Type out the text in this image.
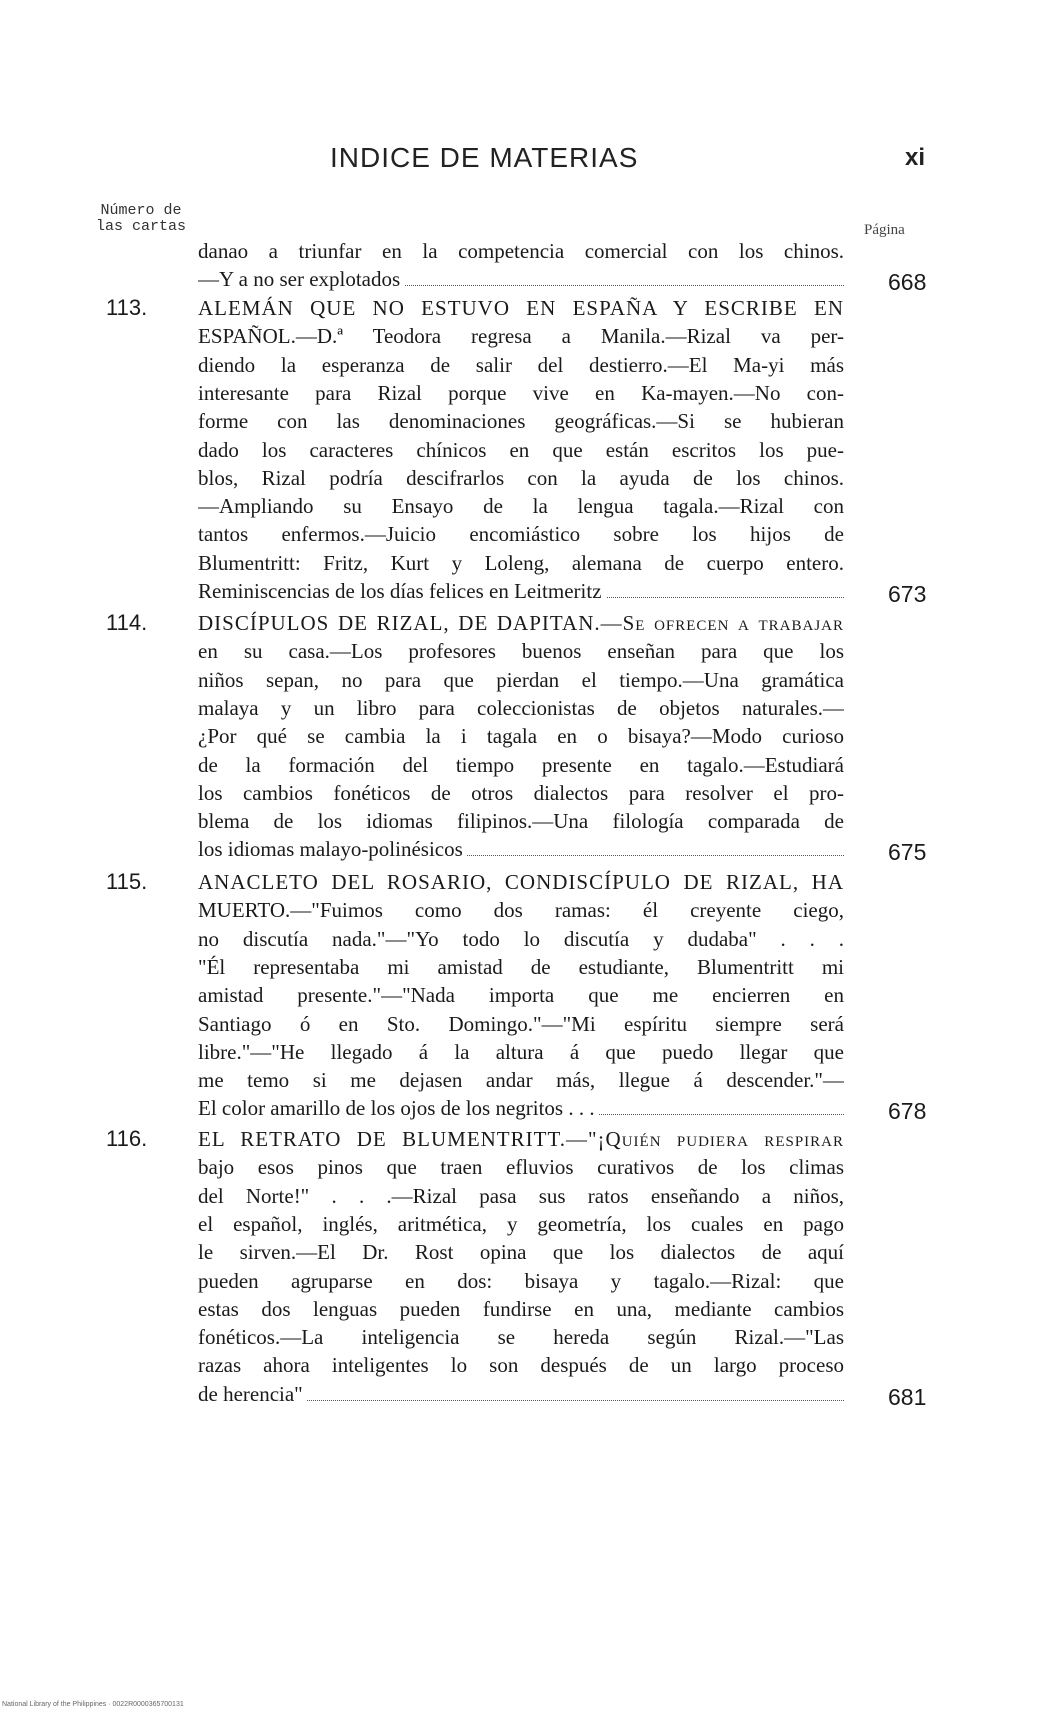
INDICE DE MATERIAS	xi
Número de las cartas	Página
danao a triunfar en la competencia comercial con los chinos.
—Y a no ser explotados	668
113.	ALEMÁN QUE NO ESTUVO EN ESPAÑA Y ESCRIBE EN
ESPAÑOL.—D.ª Teodora regresa a Manila.—Rizal va per-
diendo la esperanza de salir del destierro.—El Ma-yi más
interesante para Rizal porque vive en Ka-mayen.—No con-
forme con las denominaciones geográficas.—Si se hubieran
dado los caracteres chínicos en que están escritos los pue-
blos, Rizal podría descifrarlos con la ayuda de los chinos.
—Ampliando su Ensayo de la lengua tagala.—Rizal con
tantos enfermos.—Juicio encomiástico sobre los hijos de
Blumentritt: Fritz, Kurt y Loleng, alemana de cuerpo entero.
Reminiscencias de los días felices en Leitmeritz	673
114.	DISCÍPULOS DE RIZAL, DE DAPITAN.—Se ofrecen a trabajar
en su casa.—Los profesores buenos enseñan para que los
niños sepan, no para que pierdan el tiempo.—Una gramática
malaya y un libro para coleccionistas de objetos naturales.—
¿Por qué se cambia la i tagala en o bisaya?—Modo curioso
de la formación del tiempo presente en tagalo.—Estudiará
los cambios fonéticos de otros dialectos para resolver el pro-
blema de los idiomas filipinos.—Una filología comparada de
los idiomas malayo-polinésicos	675
115.	ANACLETO DEL ROSARIO, CONDISCÍPULO DE RIZAL, HA
MUERTO.—"Fuimos como dos ramas: él creyente ciego,
no discutía nada."—"Yo todo lo discutía y dudaba" . . .
"Él representaba mi amistad de estudiante, Blumentritt mi
amistad presente."—"Nada importa que me encierren en
Santiago ó en Sto. Domingo."—"Mi espíritu siempre será
libre."—"He llegado á la altura á que puedo llegar que
me temo si me dejasen andar más, llegue á descender."—
El color amarillo de los ojos de los negritos . . .	678
116.	EL RETRATO DE BLUMENTRITT.—"¡Quién pudiera respirar
bajo esos pinos que traen efluvios curativos de los climas
del Norte!" . . .—Rizal pasa sus ratos enseñando a niños,
el español, inglés, aritmética, y geometría, los cuales en pago
le sirven.—El Dr. Rost opina que los dialectos de aquí
pueden agruparse en dos: bisaya y tagalo.—Rizal: que
estas dos lenguas pueden fundirse en una, mediante cambios
fonéticos.—La inteligencia se hereda según Rizal.—"Las
razas ahora inteligentes lo son después de un largo proceso
de herencia"	681
National Library of the Philippines · 0022R0000365700131
